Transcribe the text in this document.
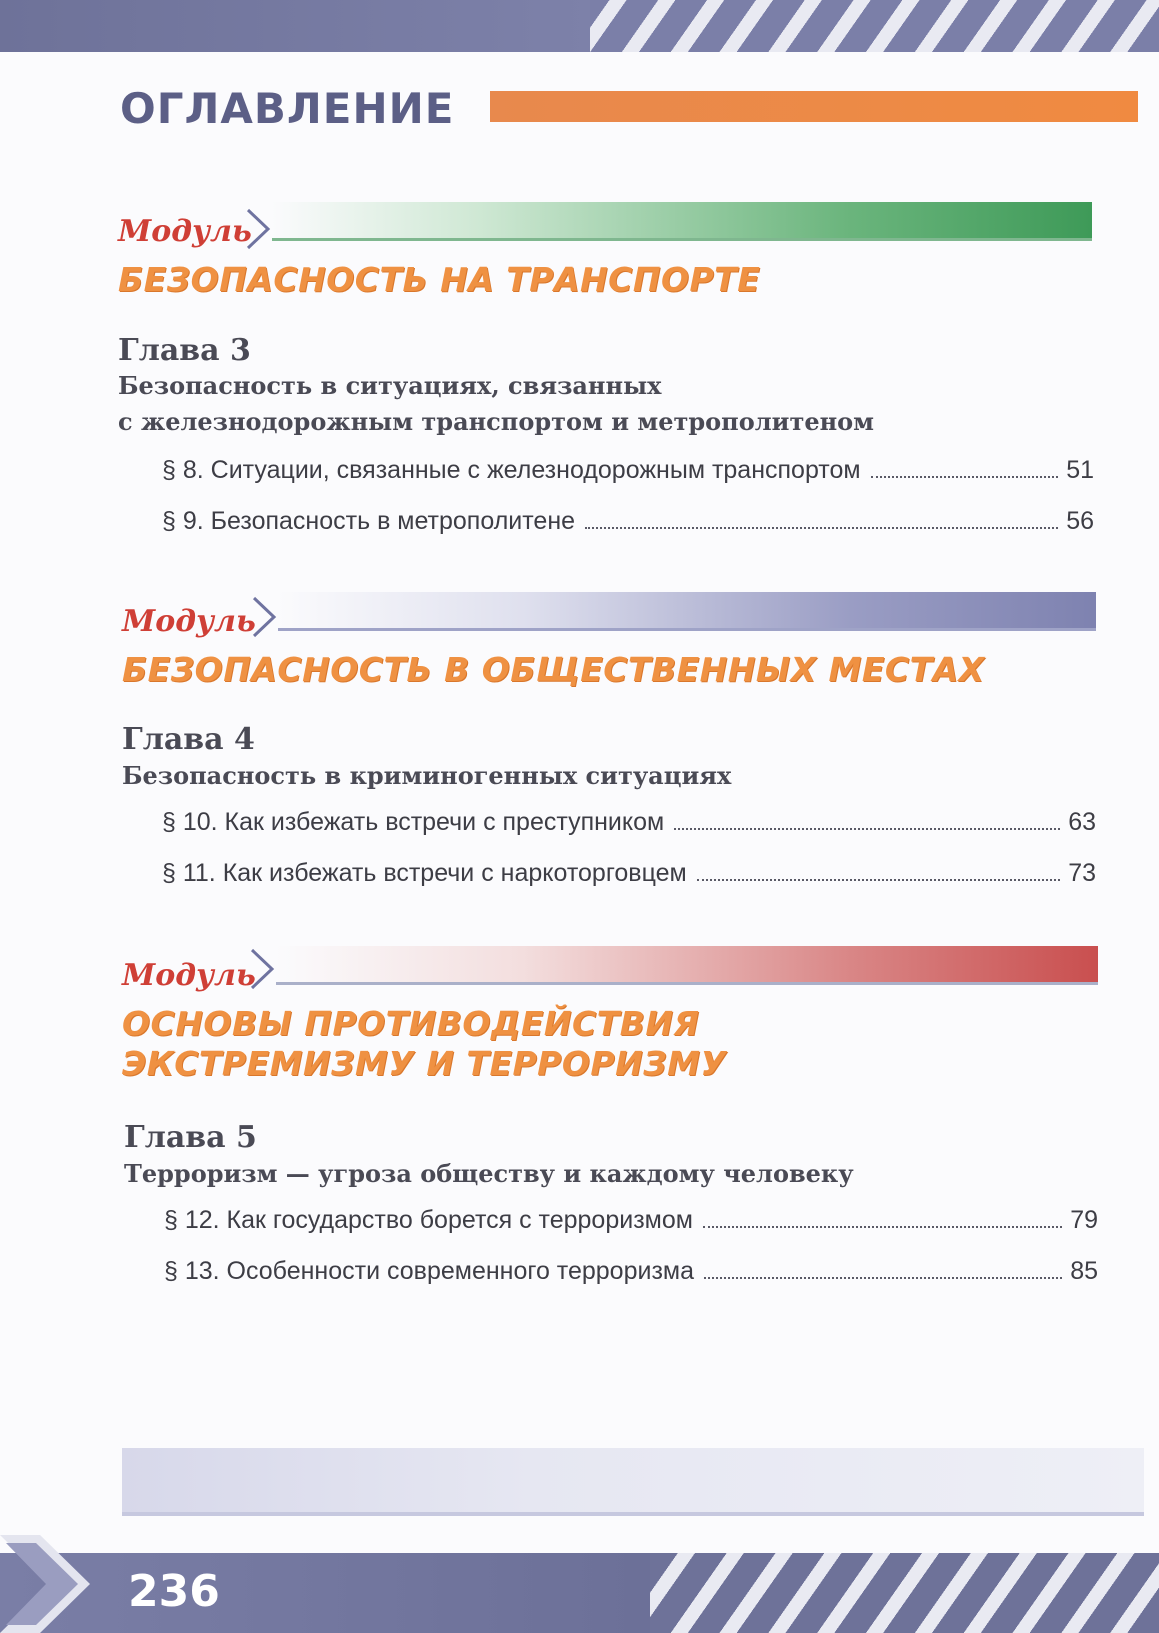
ОГЛАВЛЕНИЕ

Модуль

БЕЗОПАСНОСТЬ НА ТРАНСПОРТЕ

Глава 3

Безопасность в ситуациях, связанных

с железнодорожным транспортом и метрополитеном

§ 8. Ситуации, связанные с железнодорожным транспортом	51
§ 9. Безопасность в метрополитене	56

Модуль

БЕЗОПАСНОСТЬ В ОБЩЕСТВЕННЫХ МЕСТАХ

Глава 4

Безопасность в криминогенных ситуациях

§ 10. Как избежать встречи с преступником	63
§ 11. Как избежать встречи с наркоторговцем	73

Модуль

ОСНОВЫ ПРОТИВОДЕЙСТВИЯ

ЭКСТРЕМИЗМУ И ТЕРРОРИЗМУ

Глава 5

Терроризм — угроза обществу и каждому человеку

§ 12. Как государство борется с терроризмом	79
§ 13. Особенности современного терроризма	85

236
